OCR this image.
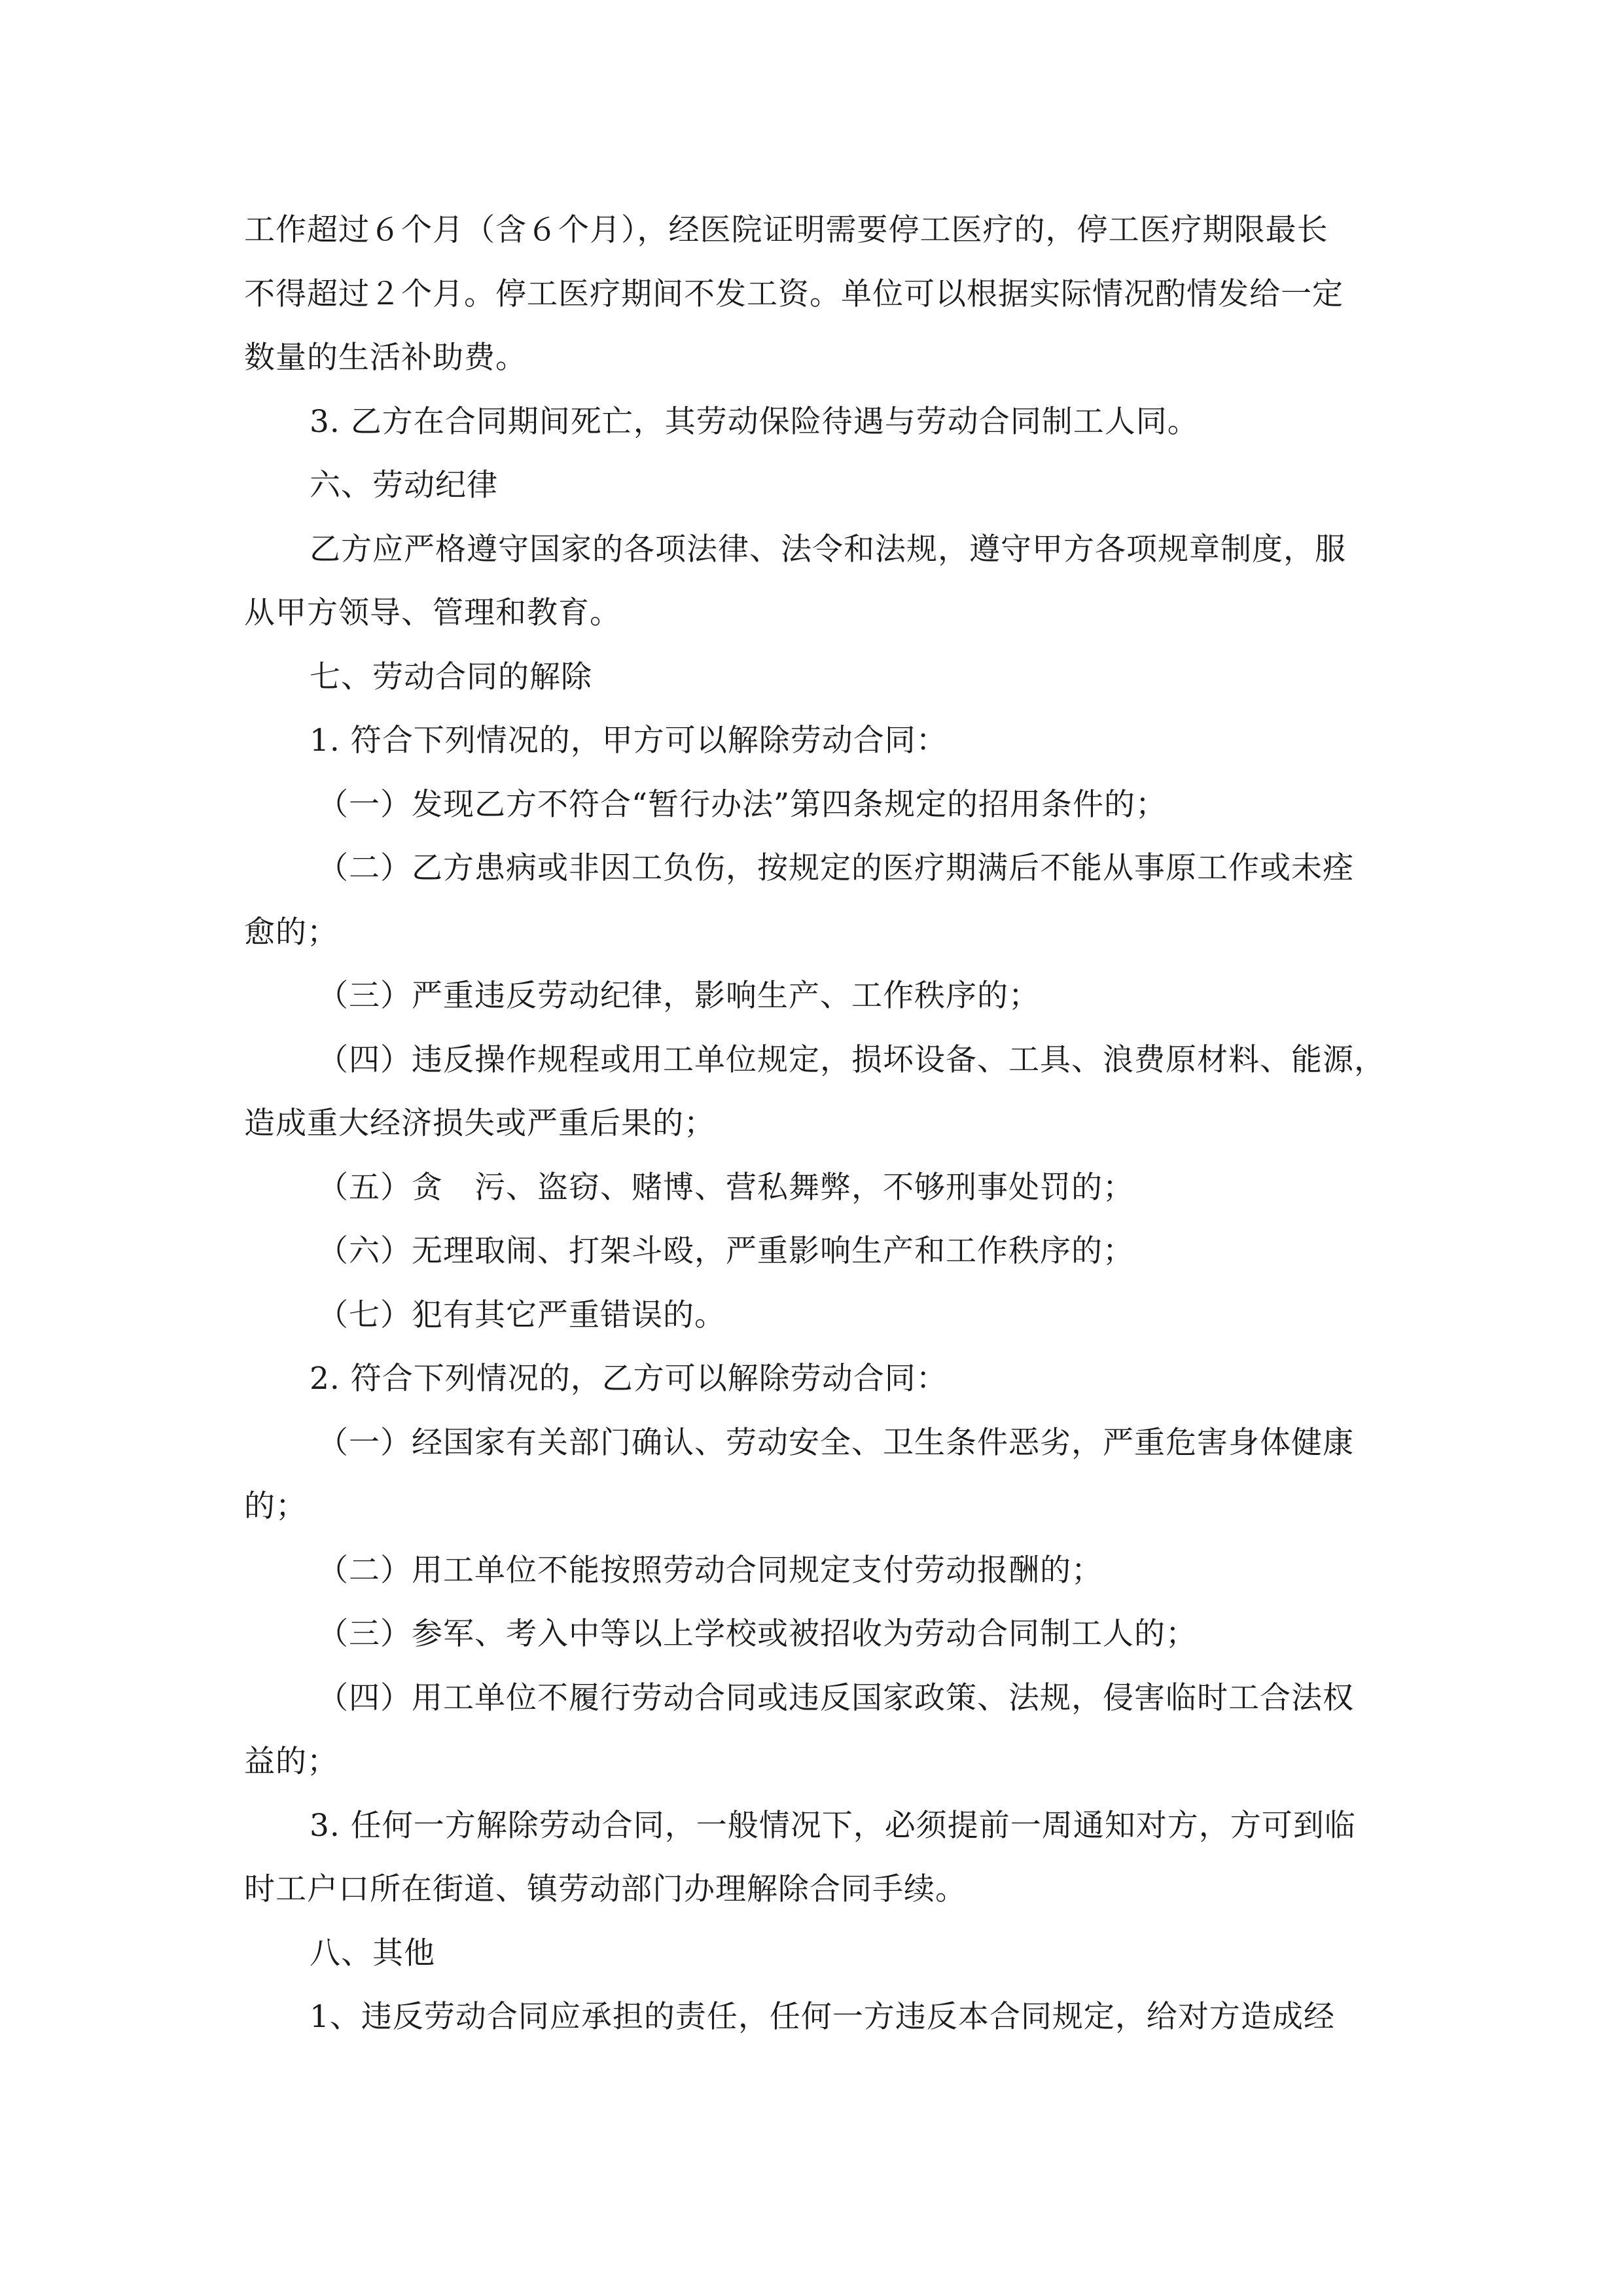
工作超过６个月（含６个月），经医院证明需要停工医疗的，停工医疗期限最长
不得超过２个月。停工医疗期间不发工资。单位可以根据实际情况酌情发给一定
数量的生活补助费。
3. 乙方在合同期间死亡，其劳动保险待遇与劳动合同制工人同。
六、劳动纪律
乙方应严格遵守国家的各项法律、法令和法规，遵守甲方各项规章制度，服
从甲方领导、管理和教育。
七、劳动合同的解除
1. 符合下列情况的，甲方可以解除劳动合同：
（一）发现乙方不符合“暂行办法”第四条规定的招用条件的；
（二）乙方患病或非因工负伤，按规定的医疗期满后不能从事原工作或未痊
愈的；
（三）严重违反劳动纪律，影响生产、工作秩序的；
（四）违反操作规程或用工单位规定，损坏设备、工具、浪费原材料、能源，
造成重大经济损失或严重后果的；
（五）贪　污、盗窃、赌博、营私舞弊，不够刑事处罚的；
（六）无理取闹、打架斗殴，严重影响生产和工作秩序的；
（七）犯有其它严重错误的。
2. 符合下列情况的，乙方可以解除劳动合同：
（一）经国家有关部门确认、劳动安全、卫生条件恶劣，严重危害身体健康
的；
（二）用工单位不能按照劳动合同规定支付劳动报酬的；
（三）参军、考入中等以上学校或被招收为劳动合同制工人的；
（四）用工单位不履行劳动合同或违反国家政策、法规，侵害临时工合法权
益的；
3. 任何一方解除劳动合同，一般情况下，必须提前一周通知对方，方可到临
时工户口所在街道、镇劳动部门办理解除合同手续。
八、其他
1、违反劳动合同应承担的责任，任何一方违反本合同规定，给对方造成经
